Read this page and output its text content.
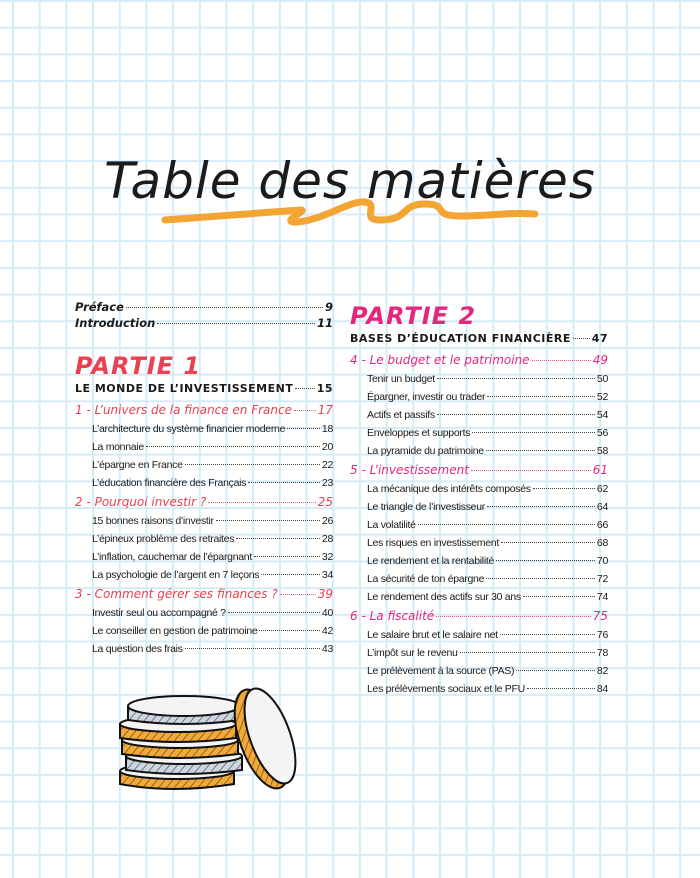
Table des matières
Préface	9
Introduction	11
PARTIE 1
LE MONDE DE L’INVESTISSEMENT 15
1 - L’univers de la finance en France 17
L’architecture du système financier moderne	18
La monnaie	20
L’épargne en France	22
L’éducation financière des Français	23
2 - Pourquoi investir ?	25
15 bonnes raisons d’investir	26
L’épineux problème des retraites	28
L’inflation, cauchemar de l’épargnant	32
La psychologie de l’argent en 7 leçons	34
3 - Comment gérer ses finances ?	39
Investir seul ou accompagné ?	40
Le conseiller en gestion de patrimoine	42
La question des frais	43
PARTIE 2
BASES D’ÉDUCATION FINANCIÈRE 47
4 - Le budget et le patrimoine	49
Tenir un budget	50
Épargner, investir ou trader	52
Actifs et passifs	54
Enveloppes et supports	56
La pyramide du patrimoine	58
5 - L’investissement	61
La mécanique des intérêts composés	62
Le triangle de l’investisseur	64
La volatilité	66
Les risques en investissement	68
Le rendement et la rentabilité	70
La sécurité de ton épargne	72
Le rendement des actifs sur 30 ans	74
6 - La fiscalité	75
Le salaire brut et le salaire net	76
L’impôt sur le revenu	78
Le prélèvement à la source (PAS)	82
Les prélèvements sociaux et le PFU	84
